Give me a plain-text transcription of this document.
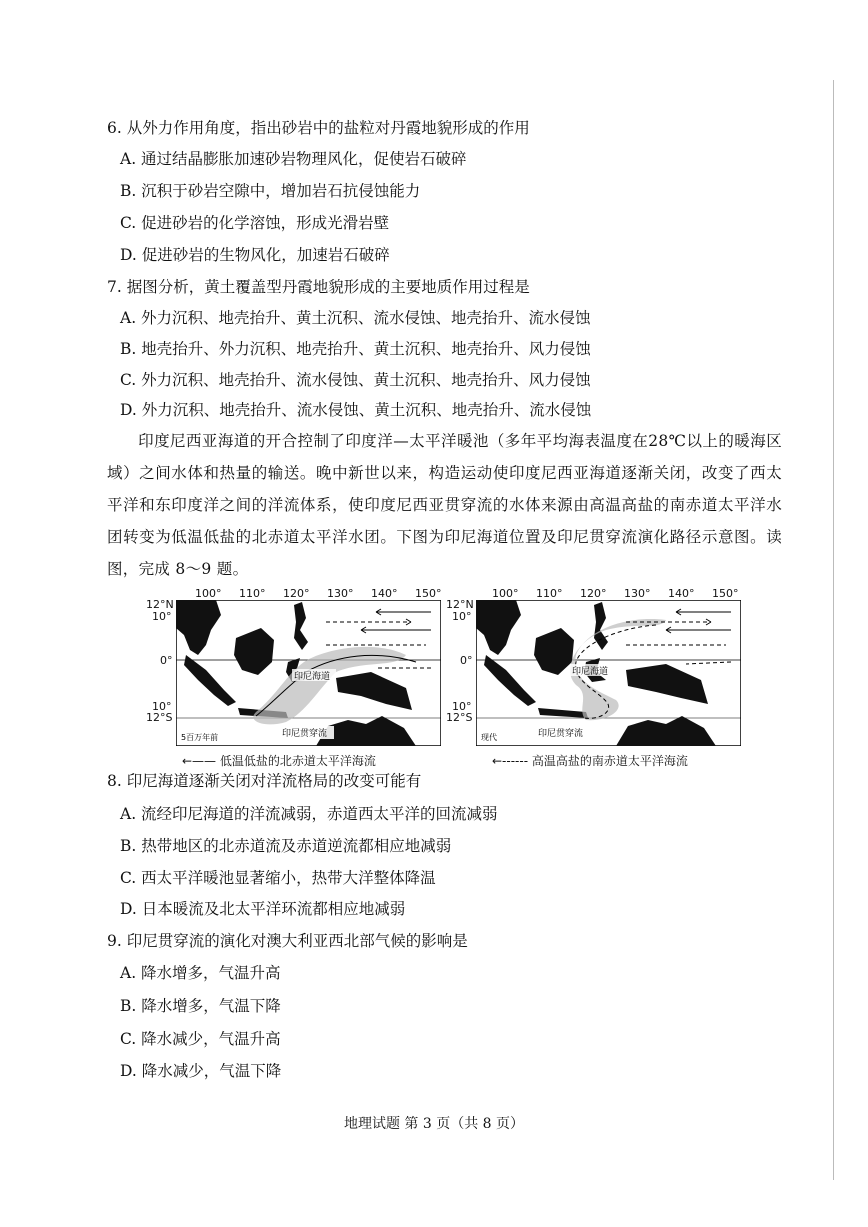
6. 从外力作用角度，指出砂岩中的盐粒对丹霞地貌形成的作用
A. 通过结晶膨胀加速砂岩物理风化，促使岩石破碎
B. 沉积于砂岩空隙中，增加岩石抗侵蚀能力
C. 促进砂岩的化学溶蚀，形成光滑岩壁
D. 促进砂岩的生物风化，加速岩石破碎
7. 据图分析，黄土覆盖型丹霞地貌形成的主要地质作用过程是
A. 外力沉积、地壳抬升、黄土沉积、流水侵蚀、地壳抬升、流水侵蚀
B. 地壳抬升、外力沉积、地壳抬升、黄土沉积、地壳抬升、风力侵蚀
C. 外力沉积、地壳抬升、流水侵蚀、黄土沉积、地壳抬升、风力侵蚀
D. 外力沉积、地壳抬升、流水侵蚀、黄土沉积、地壳抬升、流水侵蚀
印度尼西亚海道的开合控制了印度洋—太平洋暖池（多年平均海表温度在28℃以上的暖海区域）之间水体和热量的输送。晚中新世以来，构造运动使印度尼西亚海道逐渐关闭，改变了西太平洋和东印度洋之间的洋流体系，使印度尼西亚贯穿流的水体来源由高温高盐的南赤道太平洋水团转变为低温低盐的北赤道太平洋水团。下图为印尼海道位置及印尼贯穿流演化路径示意图。读图，完成 8～9 题。
5百万年前
印尼海道
印尼贯穿流
100° 110° 120° 130° 140° 150°
12°N
10°
0°
10°
12°S
现代
印尼海道
印尼贯穿流
100° 110° 120° 130° 140° 150°
12°N
10°
0°
10°
12°S
←—— 低温低盐的北赤道太平洋海流	←------ 高温高盐的南赤道太平洋海流
8. 印尼海道逐渐关闭对洋流格局的改变可能有
A. 流经印尼海道的洋流减弱，赤道西太平洋的回流减弱
B. 热带地区的北赤道流及赤道逆流都相应地减弱
C. 西太平洋暖池显著缩小，热带大洋整体降温
D. 日本暖流及北太平洋环流都相应地减弱
9. 印尼贯穿流的演化对澳大利亚西北部气候的影响是
A. 降水增多，气温升高
B. 降水增多，气温下降
C. 降水减少，气温升高
D. 降水减少，气温下降
地理试题 第 3 页（共 8 页）
